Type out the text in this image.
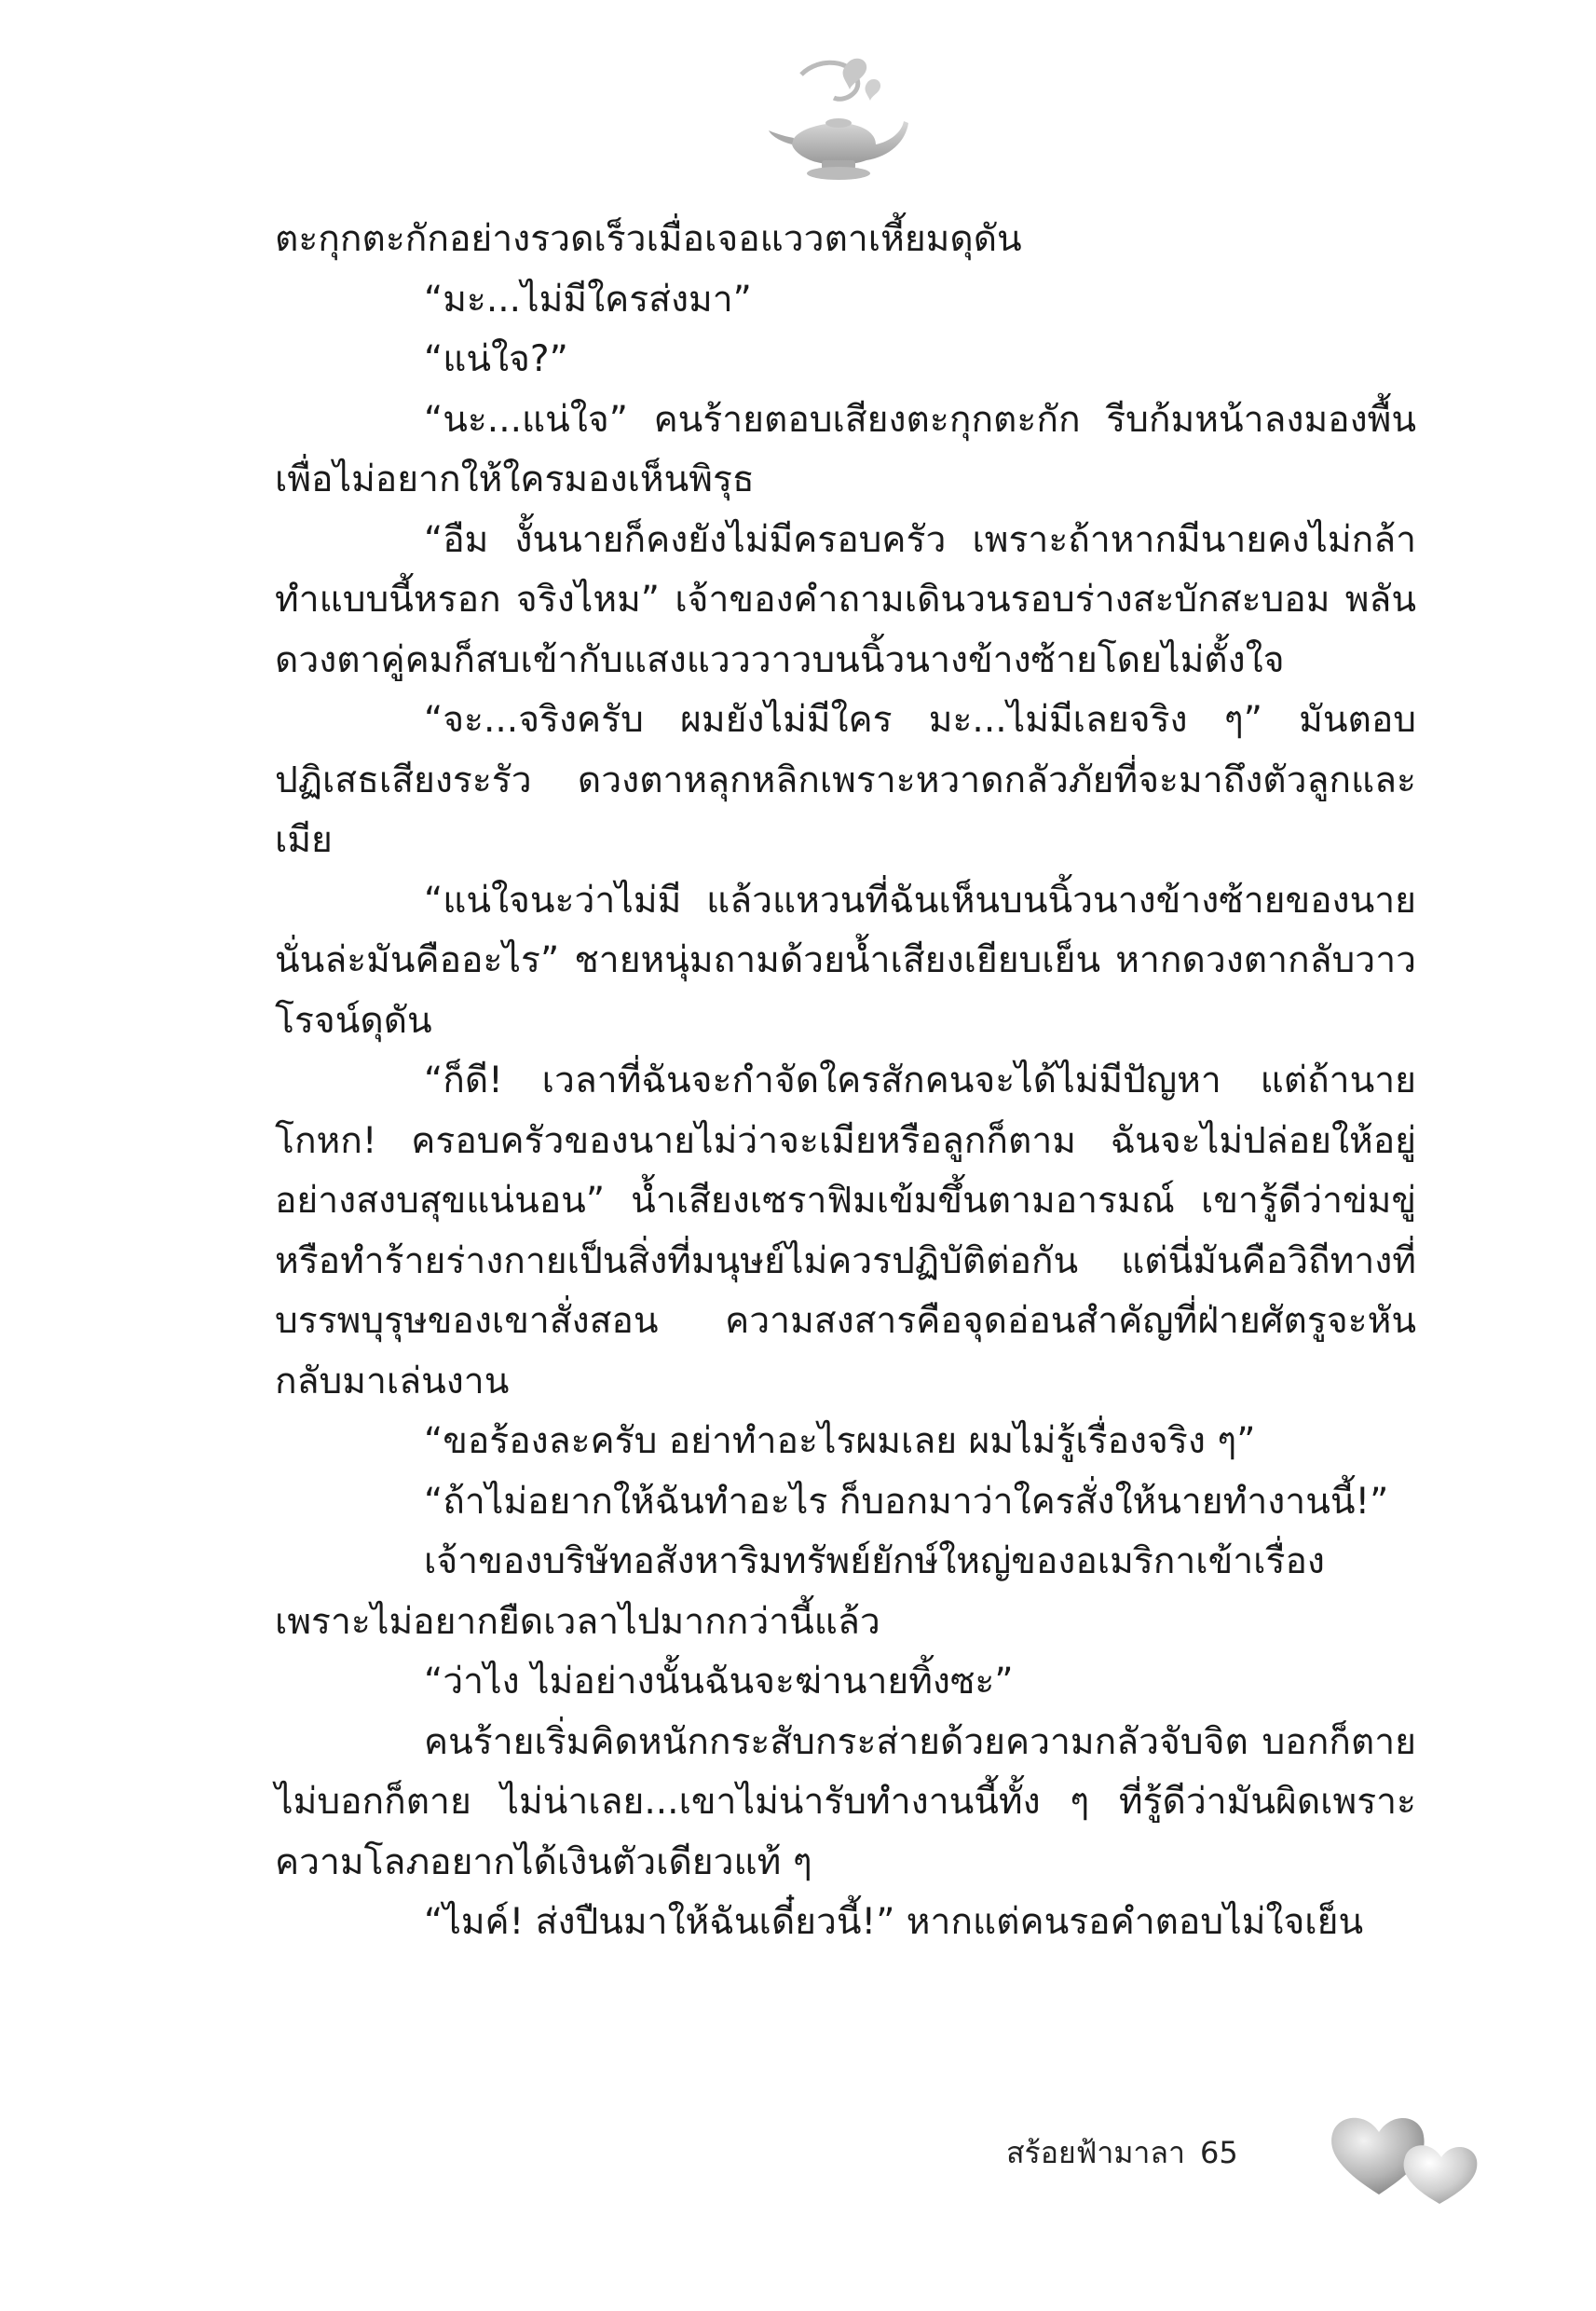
ตะกุกตะกักอย่างรวดเร็วเมื่อเจอแววตาเหี้ยมดุดัน

“มะ...ไม่มีใครส่งมา”

“แน่ใจ?”

“นะ...แน่ใจ” คนร้ายตอบเสียงตะกุกตะกัก รีบก้มหน้าลงมองพื้นเพื่อไม่อยากให้ใครมองเห็นพิรุธ

“อืม งั้นนายก็คงยังไม่มีครอบครัว เพราะถ้าหากมีนายคงไม่กล้าทำแบบนี้หรอก จริงไหม” เจ้าของคำถามเดินวนรอบร่างสะบักสะบอม พลันดวงตาคู่คมก็สบเข้ากับแสงแวววาวบนนิ้วนางข้างซ้ายโดยไม่ตั้งใจ

“จะ...จริงครับ ผมยังไม่มีใคร มะ...ไม่มีเลยจริง ๆ” มันตอบปฏิเสธเสียงระรัว ดวงตาหลุกหลิกเพราะหวาดกลัวภัยที่จะมาถึงตัวลูกและเมีย

“แน่ใจนะว่าไม่มี แล้วแหวนที่ฉันเห็นบนนิ้วนางข้างซ้ายของนายนั่นล่ะมันคืออะไร” ชายหนุ่มถามด้วยน้ำเสียงเยียบเย็น หากดวงตากลับวาวโรจน์ดุดัน

“ก็ดี! เวลาที่ฉันจะกำจัดใครสักคนจะได้ไม่มีปัญหา แต่ถ้านายโกหก! ครอบครัวของนายไม่ว่าจะเมียหรือลูกก็ตาม ฉันจะไม่ปล่อยให้อยู่อย่างสงบสุขแน่นอน” น้ำเสียงเซราฟิมเข้มขึ้นตามอารมณ์ เขารู้ดีว่าข่มขู่หรือทำร้ายร่างกายเป็นสิ่งที่มนุษย์ไม่ควรปฏิบัติต่อกัน แต่นี่มันคือวิถีทางที่บรรพบุรุษของเขาสั่งสอน ความสงสารคือจุดอ่อนสำคัญที่ฝ่ายศัตรูจะหันกลับมาเล่นงาน

“ขอร้องละครับ อย่าทำอะไรผมเลย ผมไม่รู้เรื่องจริง ๆ”

“ถ้าไม่อยากให้ฉันทำอะไร ก็บอกมาว่าใครสั่งให้นายทำงานนี้!”

เจ้าของบริษัทอสังหาริมทรัพย์ยักษ์ใหญ่ของอเมริกาเข้าเรื่องเพราะไม่อยากยืดเวลาไปมากกว่านี้แล้ว

“ว่าไง ไม่อย่างนั้นฉันจะฆ่านายทิ้งซะ”

คนร้ายเริ่มคิดหนักกระสับกระส่ายด้วยความกลัวจับจิต บอกก็ตาย ไม่บอกก็ตาย ไม่น่าเลย...เขาไม่น่ารับทำงานนี้ทั้ง ๆ ที่รู้ดีว่ามันผิดเพราะความโลภอยากได้เงินตัวเดียวแท้ ๆ

“ไมค์! ส่งปืนมาให้ฉันเดี๋ยวนี้!” หากแต่คนรอคำตอบไม่ใจเย็น

สร้อยฟ้ามาลา 65
